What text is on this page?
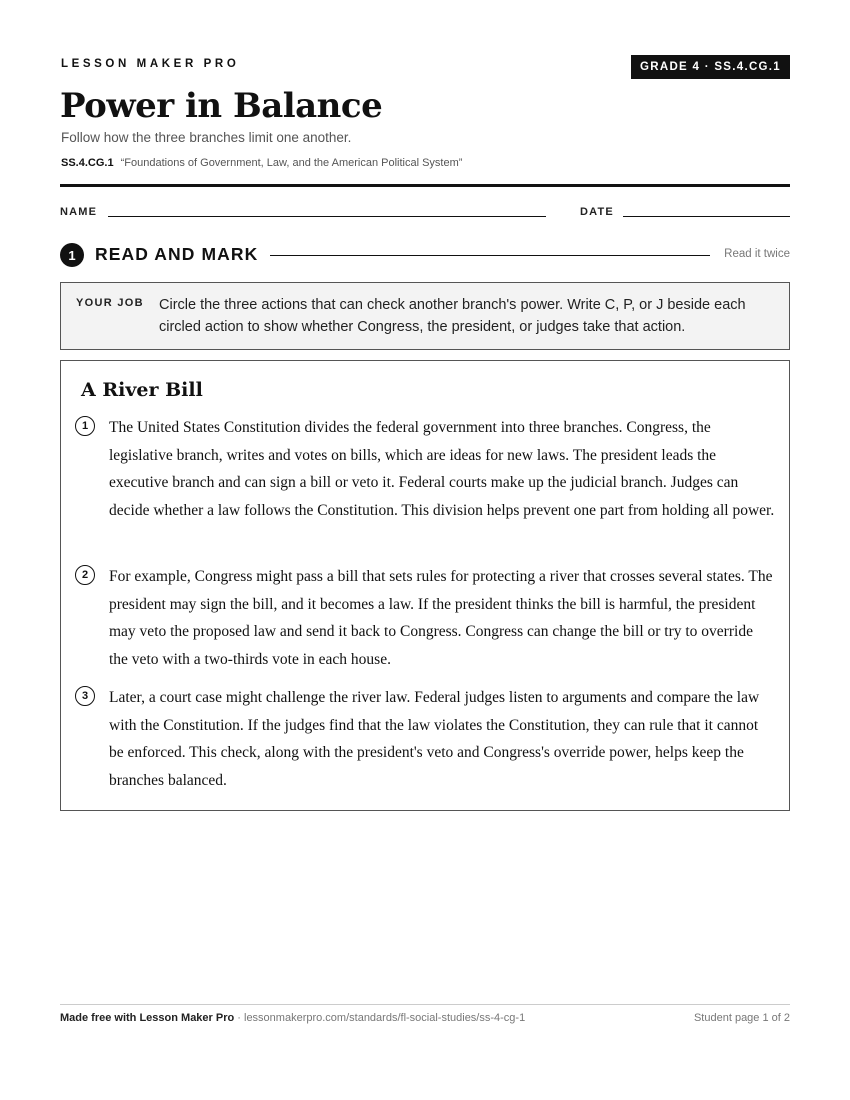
LESSON MAKER PRO	GRADE 4 · SS.4.CG.1
Power in Balance
Follow how the three branches limit one another.
SS.4.CG.1 “Foundations of Government, Law, and the American Political System”
NAME	DATE
1	READ AND MARK	Read it twice
YOUR JOB Circle the three actions that can check another branch's power. Write C, P, or J beside each circled action to show whether Congress, the president, or judges take that action.
A River Bill
1	The United States Constitution divides the federal government into three branches. Congress, the legislative branch, writes and votes on bills, which are ideas for new laws. The president leads the executive branch and can sign a bill or veto it. Federal courts make up the judicial branch. Judges can decide whether a law follows the Constitution. This division helps prevent one part from holding all power.

2	For example, Congress might pass a bill that sets rules for protecting a river that crosses several states. The president may sign the bill, and it becomes a law. If the president thinks the bill is harmful, the president may veto the proposed law and send it back to Congress. Congress can change the bill or try to override the veto with a two-thirds vote in each house.

3	Later, a court case might challenge the river law. Federal judges listen to arguments and compare the law with the Constitution. If the judges find that the law violates the Constitution, they can rule that it cannot be enforced. This check, along with the president's veto and Congress's override power, helps keep the branches balanced.

Made free with Lesson Maker Pro · lessonmakerpro.com/standards/fl-social-studies/ss-4-cg-1	Student page 1 of 2
